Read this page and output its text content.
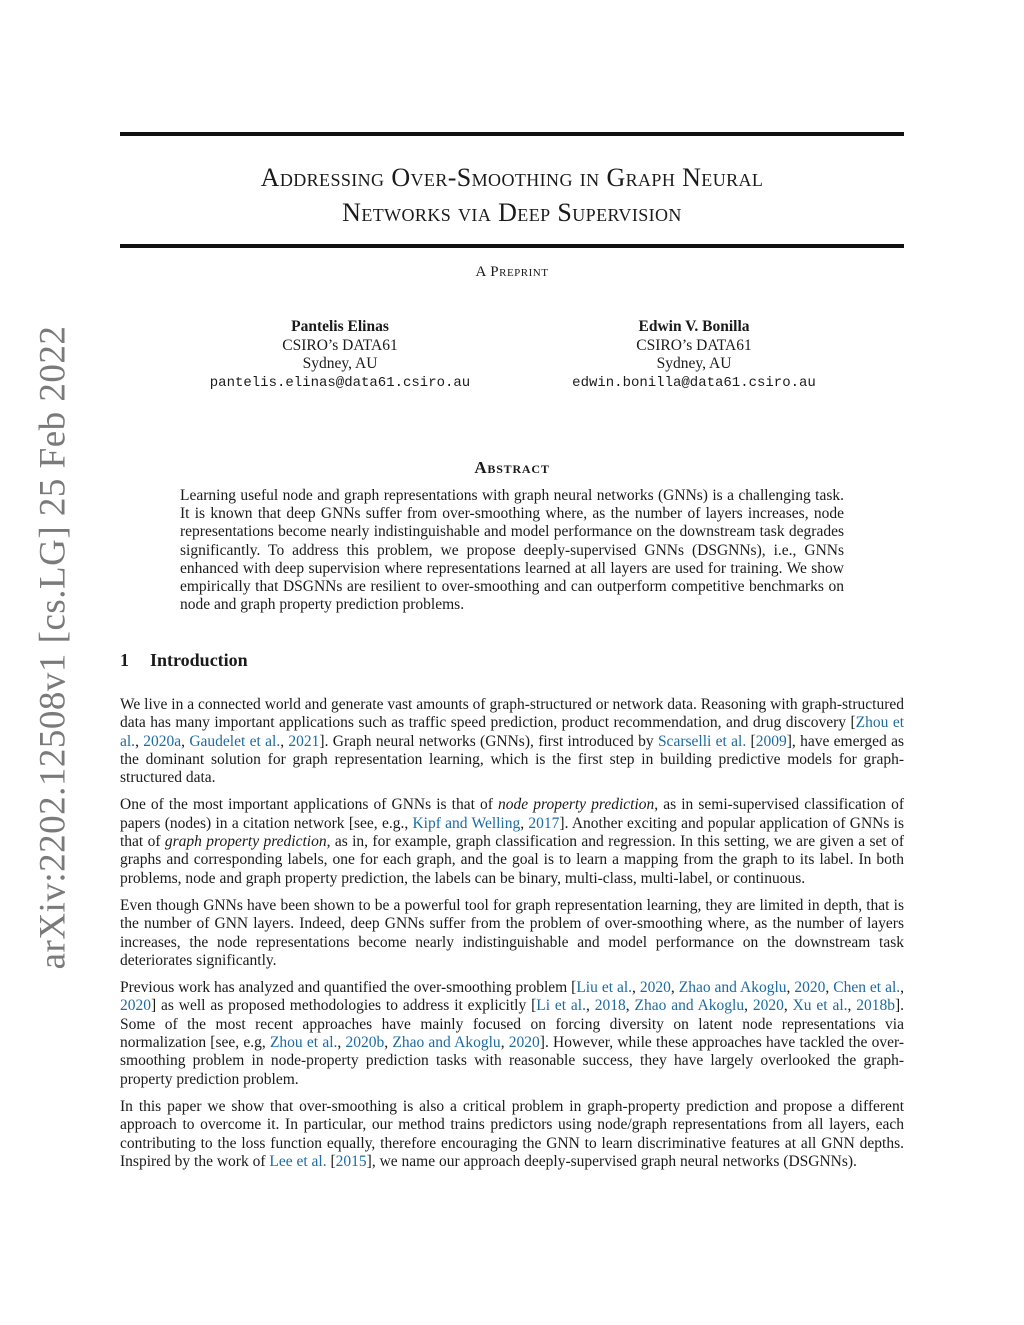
arXiv:2202.12508v1 [cs.LG] 25 Feb 2022
Addressing Over-Smoothing in Graph Neural
Networks via Deep Supervision
A Preprint
Pantelis Elinas
CSIRO’s DATA61
Sydney, AU
pantelis.elinas@data61.csiro.au
Edwin V. Bonilla
CSIRO’s DATA61
Sydney, AU
edwin.bonilla@data61.csiro.au
Abstract
Learning useful node and graph representations with graph neural networks (GNNs) is a challenging task. It is known that deep GNNs suffer from over-smoothing where, as the number of layers increases, node representations become nearly indistinguishable and model performance on the downstream task degrades significantly. To address this problem, we propose deeply-supervised GNNs (DSGNNs), i.e., GNNs enhanced with deep supervision where representations learned at all layers are used for training. We show empirically that DSGNNs are resilient to over-smoothing and can outperform competitive benchmarks on node and graph property prediction problems.
1 Introduction

We live in a connected world and generate vast amounts of graph-structured or network data. Reasoning with graph-structured data has many important applications such as traffic speed prediction, product recommendation, and drug discovery [Zhou et al., 2020a, Gaudelet et al., 2021]. Graph neural networks (GNNs), first introduced by Scarselli et al. [2009], have emerged as the dominant solution for graph representation learning, which is the first step in building predictive models for graph-structured data.

One of the most important applications of GNNs is that of node property prediction, as in semi-supervised classification of papers (nodes) in a citation network [see, e.g., Kipf and Welling, 2017]. Another exciting and popular application of GNNs is that of graph property prediction, as in, for example, graph classification and regression. In this setting, we are given a set of graphs and corresponding labels, one for each graph, and the goal is to learn a mapping from the graph to its label. In both problems, node and graph property prediction, the labels can be binary, multi-class, multi-label, or continuous.

Even though GNNs have been shown to be a powerful tool for graph representation learning, they are limited in depth, that is the number of GNN layers. Indeed, deep GNNs suffer from the problem of over-smoothing where, as the number of layers increases, the node representations become nearly indistinguishable and model performance on the downstream task deteriorates significantly.

Previous work has analyzed and quantified the over-smoothing problem [Liu et al., 2020, Zhao and Akoglu, 2020, Chen et al., 2020] as well as proposed methodologies to address it explicitly [Li et al., 2018, Zhao and Akoglu, 2020, Xu et al., 2018b]. Some of the most recent approaches have mainly focused on forcing diversity on latent node representations via normalization [see, e.g, Zhou et al., 2020b, Zhao and Akoglu, 2020]. However, while these approaches have tackled the over-smoothing problem in node-property prediction tasks with reasonable success, they have largely overlooked the graph-property prediction problem.

In this paper we show that over-smoothing is also a critical problem in graph-property prediction and propose a different approach to overcome it. In particular, our method trains predictors using node/graph representations from all layers, each contributing to the loss function equally, therefore encouraging the GNN to learn discriminative features at all GNN depths. Inspired by the work of Lee et al. [2015], we name our approach deeply-supervised graph neural networks (DSGNNs).
